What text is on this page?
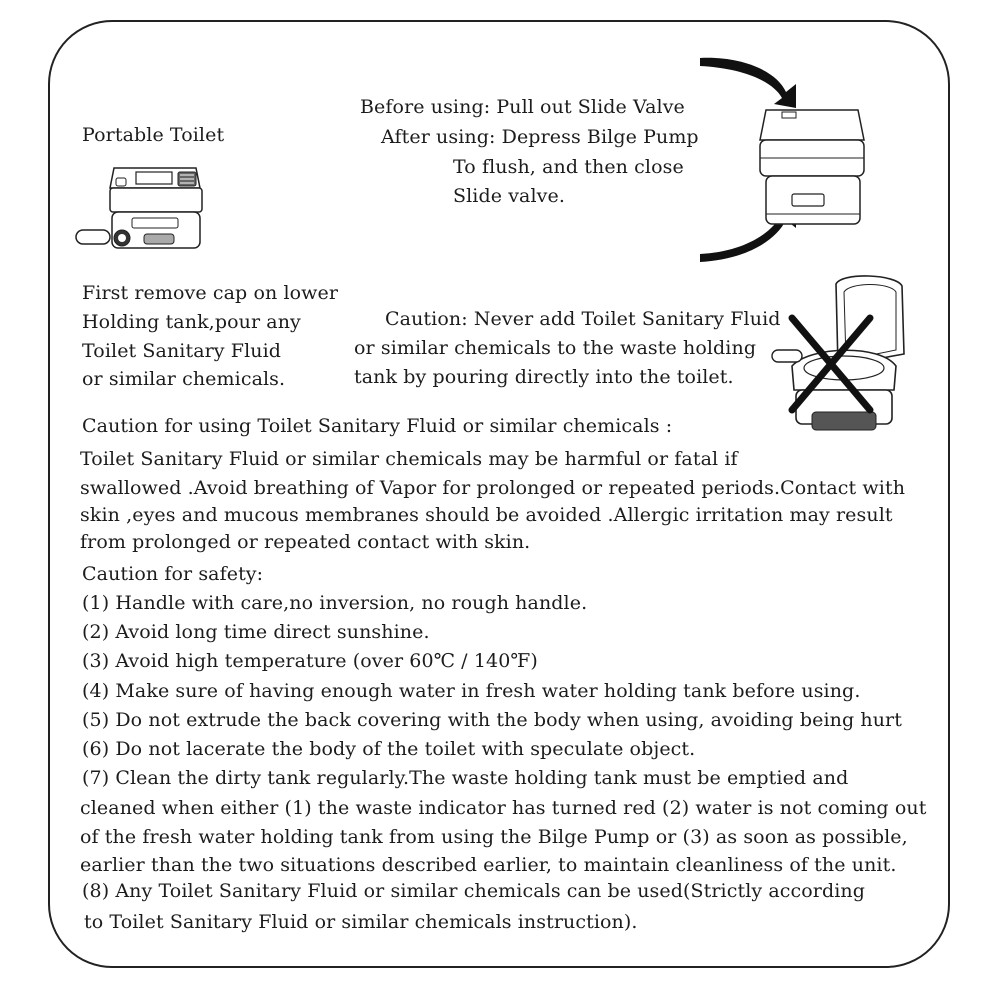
Portable Toilet
First remove cap on lower
Holding tank,pour any
Toilet Sanitary Fluid
or similar chemicals.
Before using: Pull out Slide Valve
After using: Depress Bilge Pump
To flush, and then close
Slide valve.
Caution: Never add Toilet Sanitary Fluid
or similar chemicals to the waste holding
tank by pouring directly into the toilet.
Caution for using Toilet Sanitary Fluid or similar chemicals :
Toilet Sanitary Fluid or similar chemicals may be harmful or fatal if
swallowed .Avoid breathing of Vapor for prolonged or repeated periods.Contact with
skin ,eyes and mucous membranes should be avoided .Allergic irritation may result
from prolonged or repeated contact with skin.
Caution for safety:
(1) Handle with care,no inversion, no rough handle.
(2) Avoid long time direct sunshine.
(3) Avoid high temperature (over 60℃ / 140℉)
(4) Make sure of having enough water in fresh water holding tank before using.
(5) Do not extrude the back covering with the body when using, avoiding being hurt
(6) Do not lacerate the body of the toilet with speculate object.
(7) Clean the dirty tank regularly.The waste holding tank must be emptied and
cleaned when either (1) the waste indicator has turned red (2) water is not coming out
of the fresh water holding tank from using the Bilge Pump or (3) as soon as possible,
earlier than the two situations described earlier, to maintain cleanliness of the unit.
(8) Any Toilet Sanitary Fluid or similar chemicals can be used(Strictly according
to Toilet Sanitary Fluid or similar chemicals instruction).
